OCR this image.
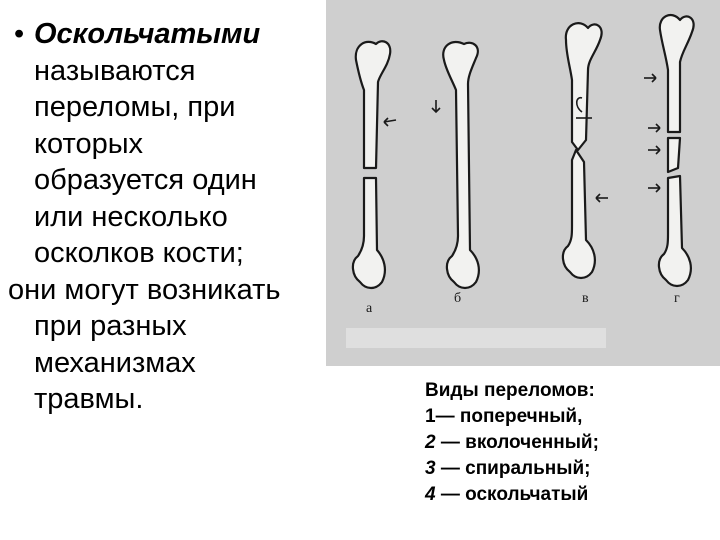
• Оскольчатыми называются
переломы, при
которых
образуется один
или несколько
осколков кости;
они могут возникать
при разных
механизмах
травмы.
а
б	в	г
Виды переломов:
1— поперечный,
2 — вколоченный;
3 — спиральный;
4 — оскольчатый
